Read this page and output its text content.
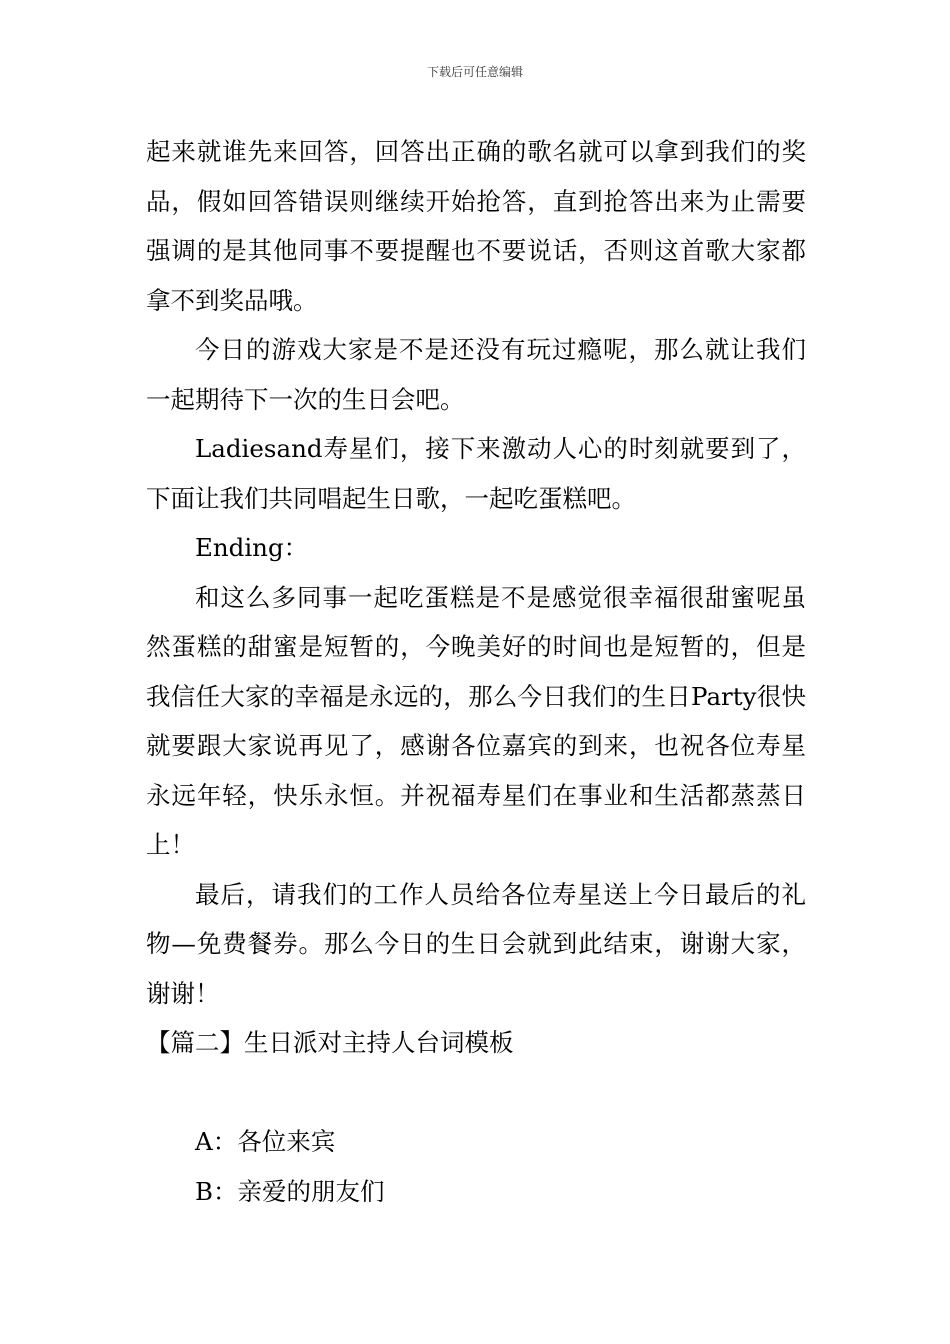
下载后可任意编辑

起来就谁先来回答，回答出正确的歌名就可以拿到我们的奖品，假如回答错误则继续开始抢答，直到抢答出来为止需要强调的是其他同事不要提醒也不要说话，否则这首歌大家都拿不到奖品哦。

今日的游戏大家是不是还没有玩过瘾呢，那么就让我们一起期待下一次的生日会吧。

Ladiesand寿星们，接下来激动人心的时刻就要到了，下面让我们共同唱起生日歌，一起吃蛋糕吧。

Ending：

和这么多同事一起吃蛋糕是不是感觉很幸福很甜蜜呢虽然蛋糕的甜蜜是短暂的，今晚美好的时间也是短暂的，但是我信任大家的幸福是永远的，那么今日我们的生日Party很快就要跟大家说再见了，感谢各位嘉宾的到来，也祝各位寿星永远年轻，快乐永恒。并祝福寿星们在事业和生活都蒸蒸日上！

最后，请我们的工作人员给各位寿星送上今日最后的礼物—免费餐券。那么今日的生日会就到此结束，谢谢大家，谢谢！

【篇二】生日派对主持人台词模板

A：各位来宾

B：亲爱的朋友们
